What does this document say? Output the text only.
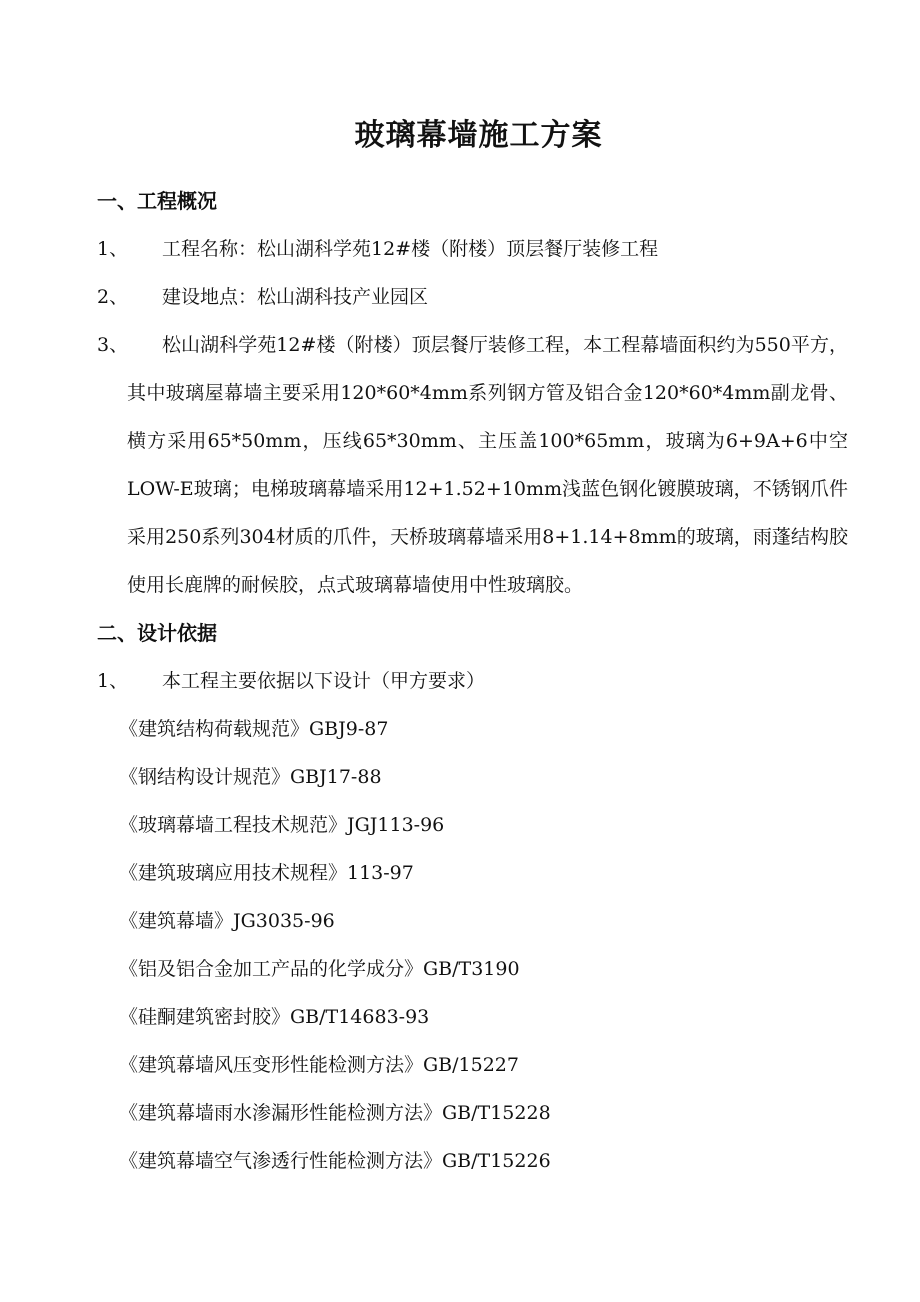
玻璃幕墙施工方案
一、工程概况
1、	工程名称：松山湖科学苑12#楼（附楼）顶层餐厅装修工程
2、	建设地点：松山湖科技产业园区
3、	松山湖科学苑12#楼（附楼）顶层餐厅装修工程，本工程幕墙面积约为550平方，其中玻璃屋幕墙主要采用120*60*4mm系列钢方管及铝合金120*60*4mm副龙骨、横方采用65*50mm，压线65*30mm、主压盖100*65mm，玻璃为6+9A+6中空LOW-E玻璃；电梯玻璃幕墙采用12+1.52+10mm浅蓝色钢化镀膜玻璃，不锈钢爪件采用250系列304材质的爪件，天桥玻璃幕墙采用8+1.14+8mm的玻璃，雨蓬结构胶使用长鹿牌的耐候胶，点式玻璃幕墙使用中性玻璃胶。
二、设计依据
1、	本工程主要依据以下设计（甲方要求）
《建筑结构荷载规范》GBJ9-87
《钢结构设计规范》GBJ17-88
《玻璃幕墙工程技术规范》JGJ113-96
《建筑玻璃应用技术规程》113-97
《建筑幕墙》JG3035-96
《铝及铝合金加工产品的化学成分》GB/T3190
《硅酮建筑密封胶》GB/T14683-93
《建筑幕墙风压变形性能检测方法》GB/15227
《建筑幕墙雨水渗漏形性能检测方法》GB/T15228
《建筑幕墙空气渗透行性能检测方法》GB/T15226
